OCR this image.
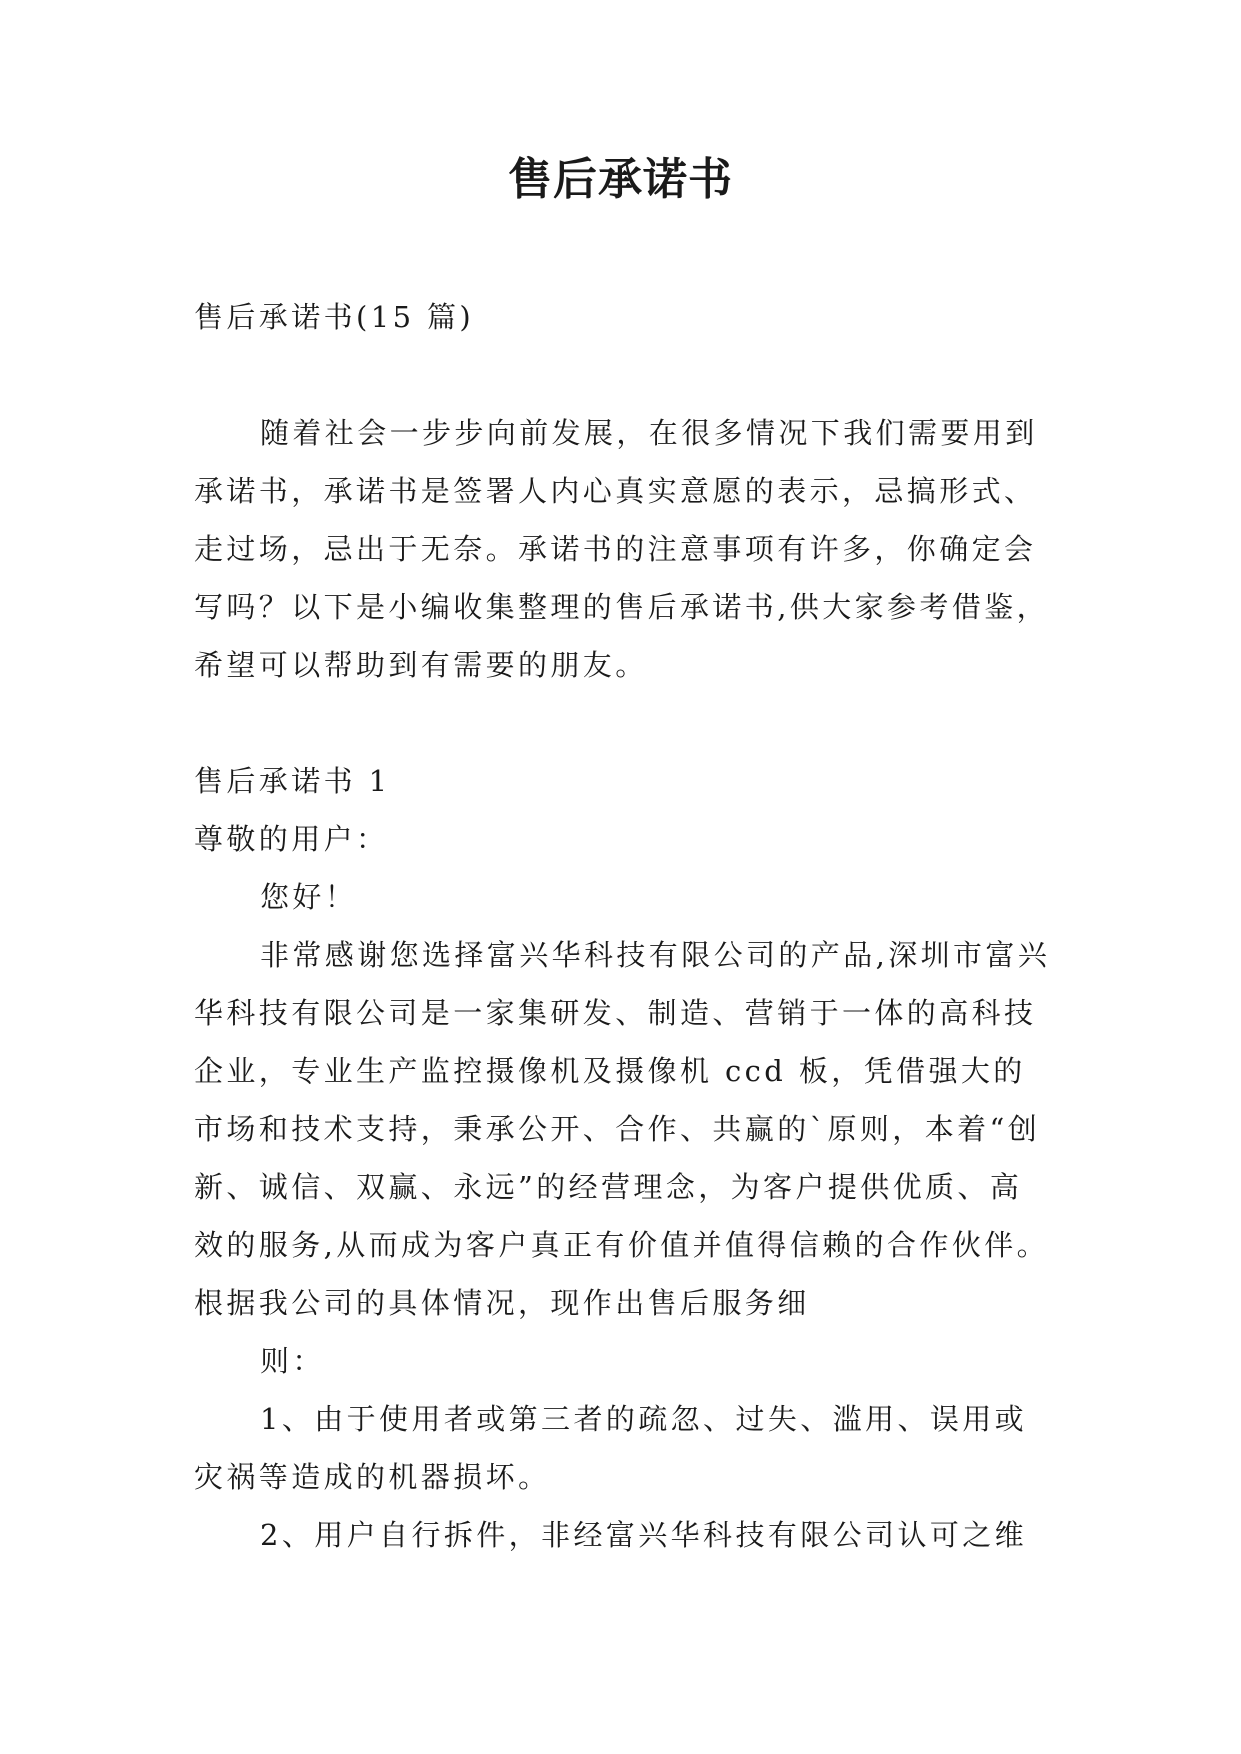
售后承诺书

售后承诺书(15 篇)

随着社会一步步向前发展，在很多情况下我们需要用到承诺书，承诺书是签署人内心真实意愿的表示，忌搞形式、走过场，忌出于无奈。承诺书的注意事项有许多，你确定会写吗？以下是小编收集整理的售后承诺书,供大家参考借鉴，希望可以帮助到有需要的朋友。

售后承诺书 1

尊敬的用户：

您好！

非常感谢您选择富兴华科技有限公司的产品,深圳市富兴华科技有限公司是一家集研发、制造、营销于一体的高科技企业，专业生产监控摄像机及摄像机 ccd 板，凭借强大的市场和技术支持，秉承公开、合作、共赢的`原则，本着“创新、诚信、双赢、永远”的经营理念，为客户提供优质、高效的服务,从而成为客户真正有价值并值得信赖的合作伙伴。根据我公司的具体情况，现作出售后服务细

则：

1、由于使用者或第三者的疏忽、过失、滥用、误用或灾祸等造成的机器损坏。

2、用户自行拆件，非经富兴华科技有限公司认可之维
